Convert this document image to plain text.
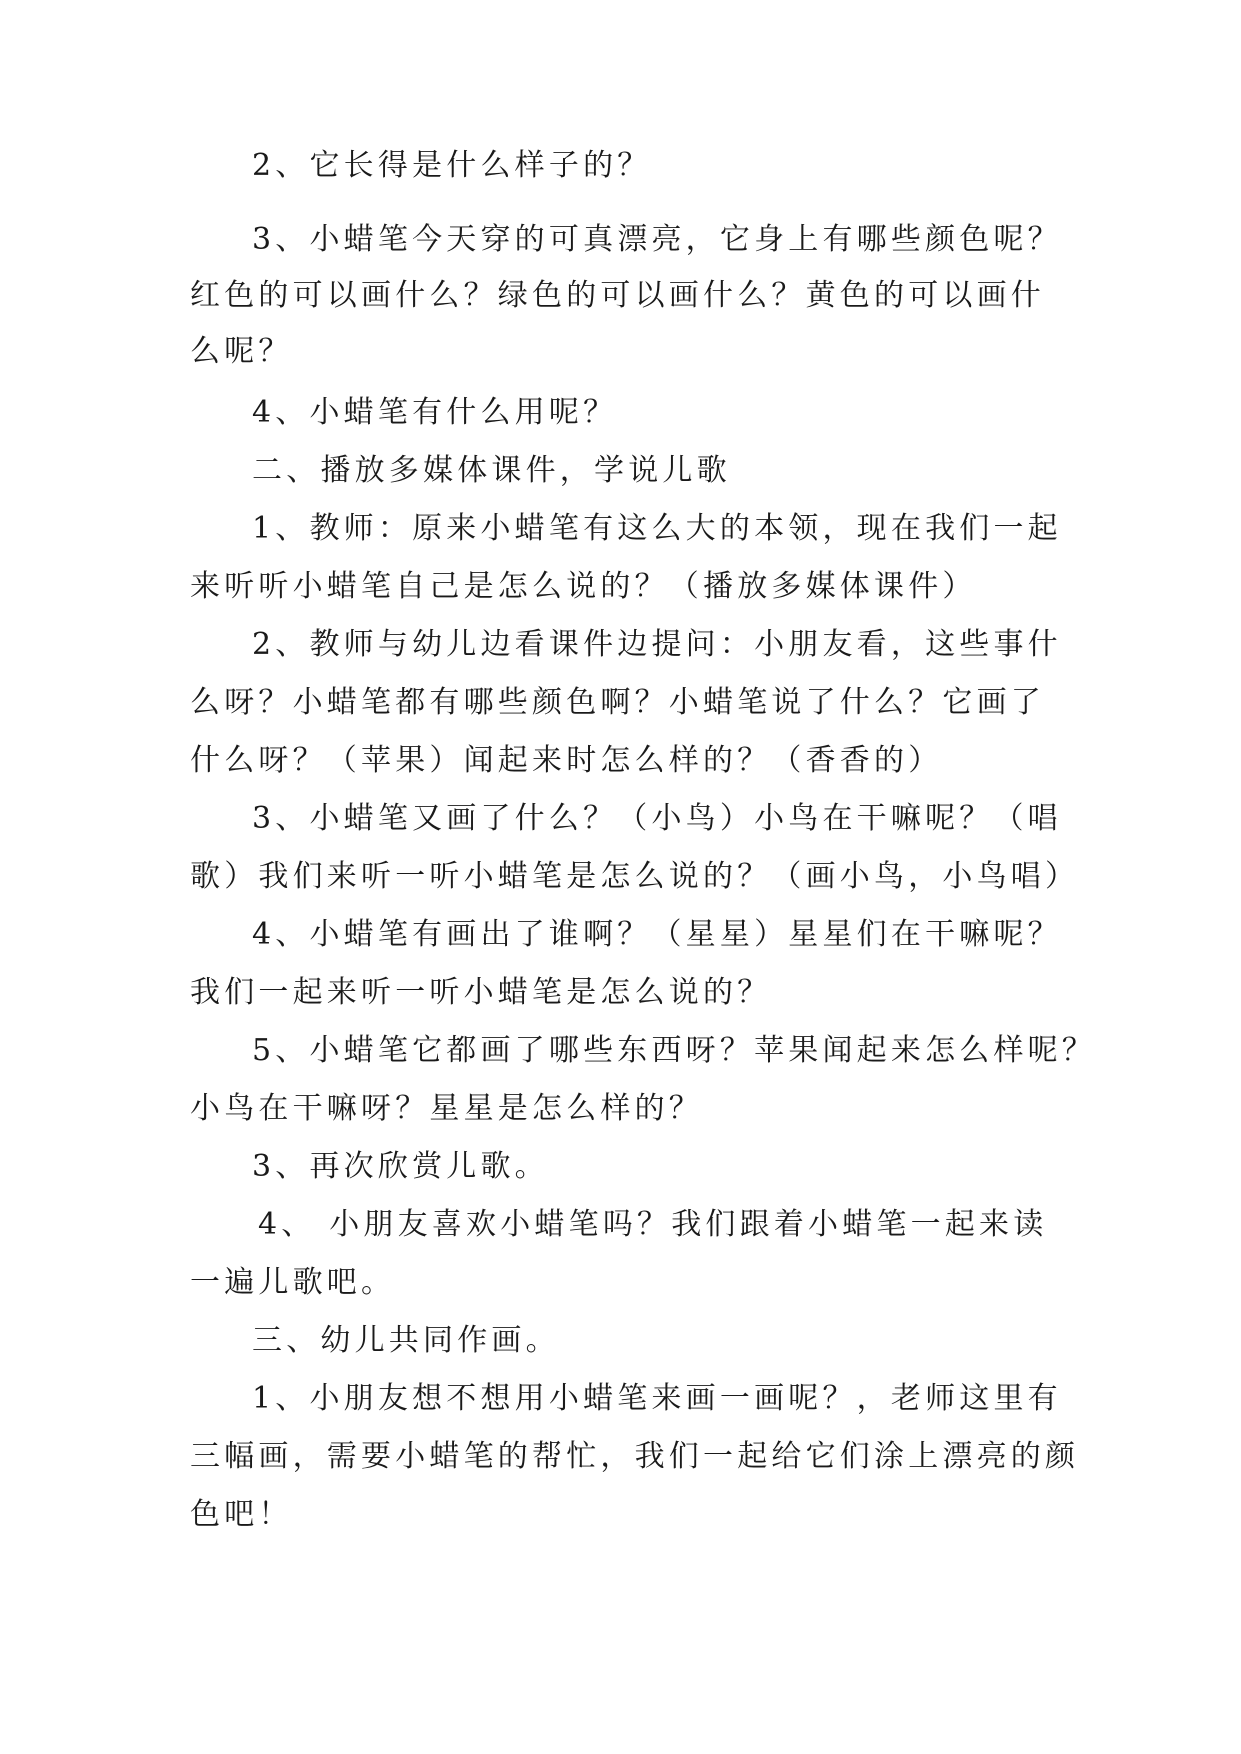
2、它长得是什么样子的？
3、小蜡笔今天穿的可真漂亮，它身上有哪些颜色呢？
红色的可以画什么？绿色的可以画什么？黄色的可以画什
么呢？
4、小蜡笔有什么用呢？
二、播放多媒体课件，学说儿歌
1、教师：原来小蜡笔有这么大的本领，现在我们一起
来听听小蜡笔自己是怎么说的？（播放多媒体课件）
2、教师与幼儿边看课件边提问：小朋友看，这些事什
么呀？小蜡笔都有哪些颜色啊？小蜡笔说了什么？它画了
什么呀？（苹果）闻起来时怎么样的？（香香的）
3、小蜡笔又画了什么？（小鸟）小鸟在干嘛呢？（唱
歌）我们来听一听小蜡笔是怎么说的？（画小鸟，小鸟唱）
4、小蜡笔有画出了谁啊？（星星）星星们在干嘛呢？
我们一起来听一听小蜡笔是怎么说的？
5、小蜡笔它都画了哪些东西呀？苹果闻起来怎么样呢？
小鸟在干嘛呀？星星是怎么样的？
3、再次欣赏儿歌。
4、 小朋友喜欢小蜡笔吗？我们跟着小蜡笔一起来读
一遍儿歌吧。
三、幼儿共同作画。
1、小朋友想不想用小蜡笔来画一画呢？，老师这里有
三幅画，需要小蜡笔的帮忙，我们一起给它们涂上漂亮的颜
色吧！
